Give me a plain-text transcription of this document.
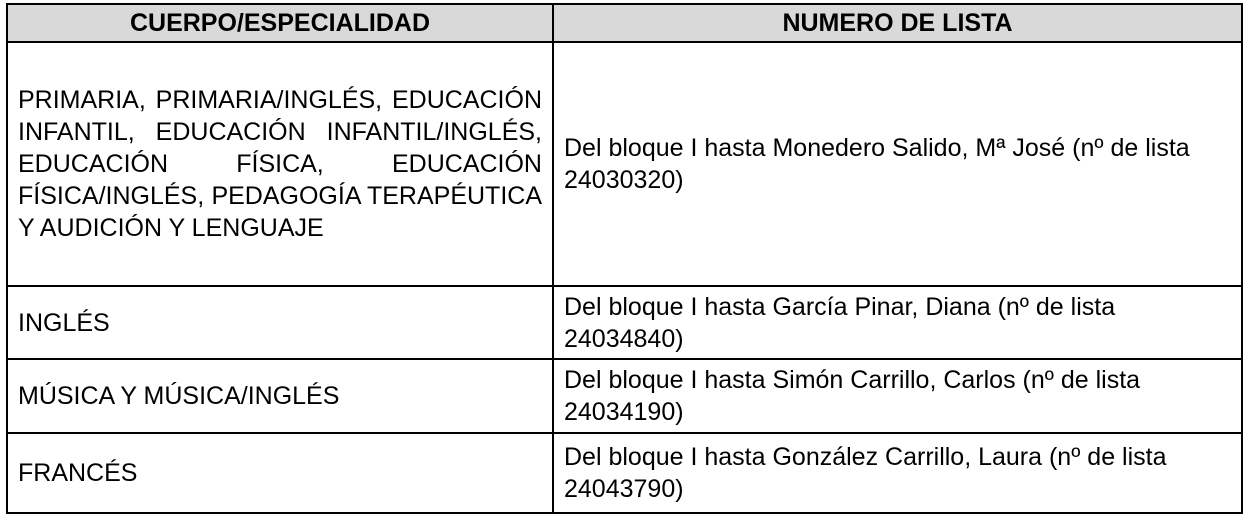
CUERPO/ESPECIALIDAD	NUMERO DE LISTA
PRIMARIA, PRIMARIA/INGLÉS, EDUCACIÓN INFANTIL, EDUCACIÓN INFANTIL/INGLÉS, EDUCACIÓN FÍSICA, EDUCACIÓN FÍSICA/INGLÉS, PEDAGOGÍA TERAPÉUTICA Y AUDICIÓN Y LENGUAJE	Del bloque I hasta Monedero Salido, Mª José (nº de lista 24030320)
INGLÉS	Del bloque I hasta García Pinar, Diana (nº de lista 24034840)
MÚSICA Y MÚSICA/INGLÉS	Del bloque I hasta Simón Carrillo, Carlos (nº de lista 24034190)
FRANCÉS	Del bloque I hasta González Carrillo, Laura (nº de lista 24043790)
